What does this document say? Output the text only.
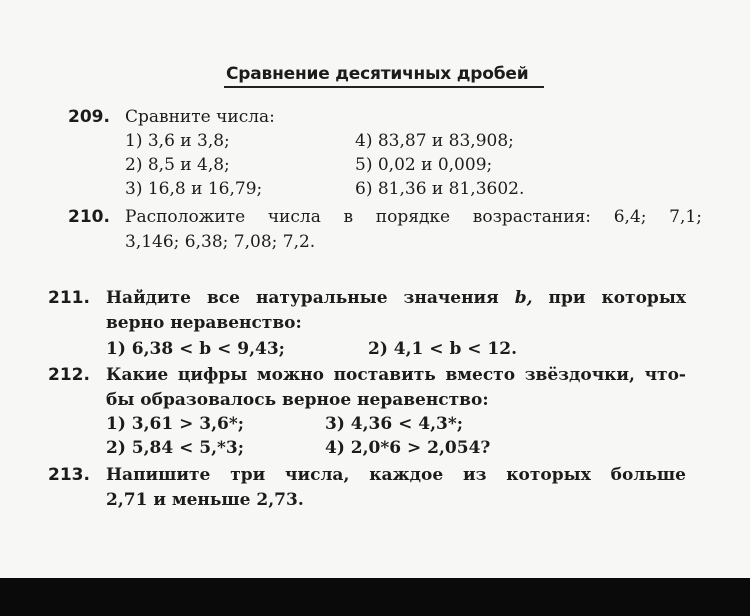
Сравнение десятичных дробей
209. Сравните числа:
1) 3,6 и 3,8;
2) 8,5 и 4,8;
3) 16,8 и 16,79;
4) 83,87 и 83,908;
5) 0,02 и 0,009;
6) 81,36 и 81,3602.
210. Расположите числа в порядке возрастания: 6,4; 7,1;
3,146; 6,38; 7,08; 7,2.
211. Найдите все натуральные значения b, при которых
верно неравенство:
1) 6,38 < b < 9,43;	2) 4,1 < b < 12.
212. Какие цифры можно поставить вместо звёздочки, что-
бы образовалось верное неравенство:
1) 3,61 > 3,6*;	3) 4,36 < 4,3*;
2) 5,84 < 5,*3;	4) 2,0*6 > 2,054?
213. Напишите три числа, каждое из которых больше
2,71 и меньше 2,73.
